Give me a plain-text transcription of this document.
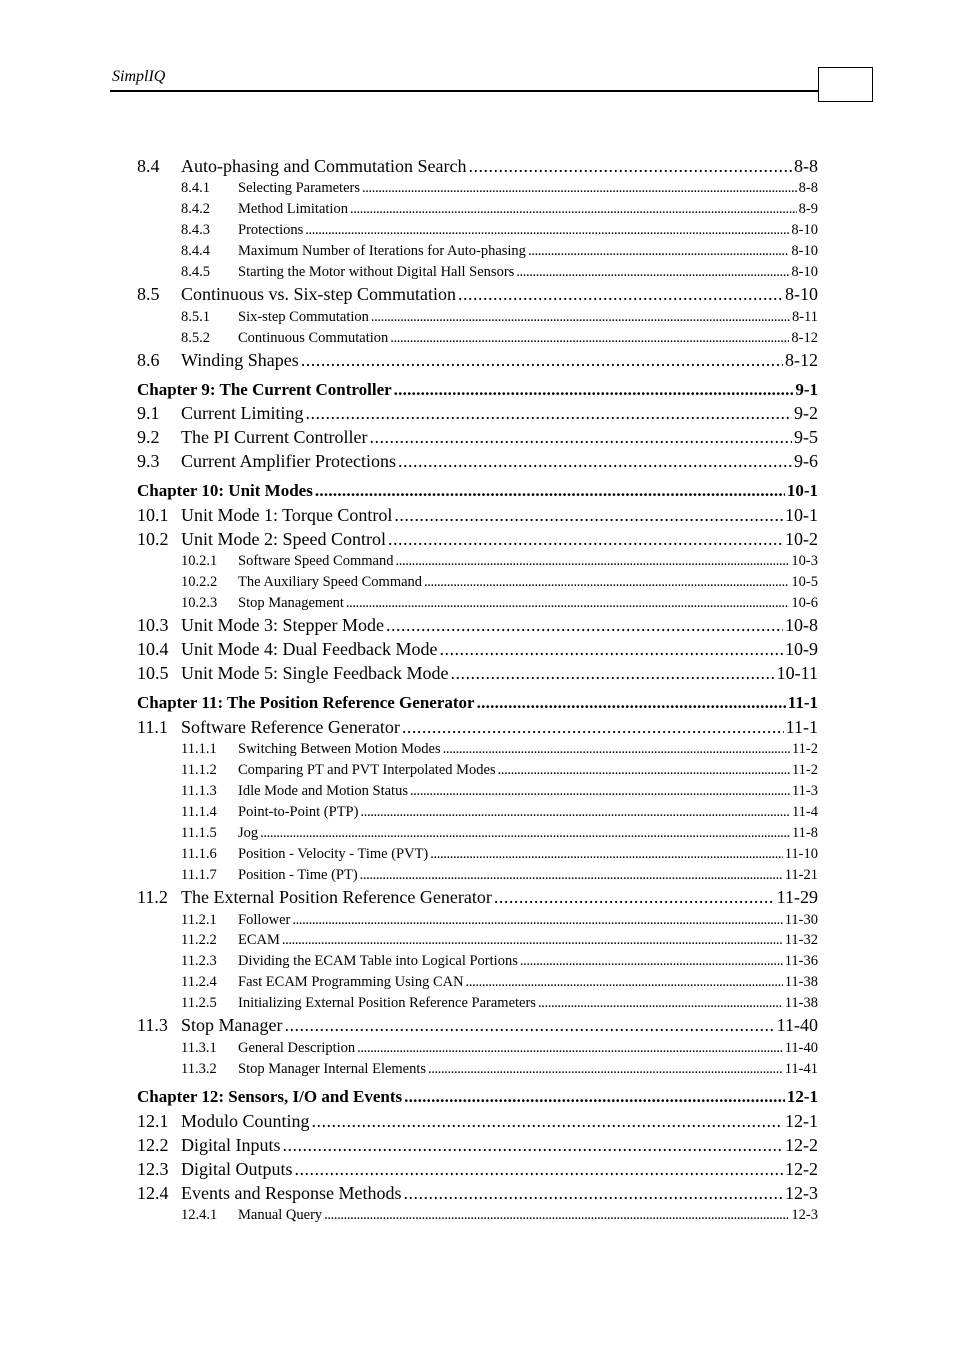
SimplIQ
8.4	Auto-phasing and Commutation Search . . .	8-8
8.4.1	Selecting Parameters . . .	8-8
8.4.2	Method Limitation . . .	8-9
8.4.3	Protections . . .	8-10
8.4.4	Maximum Number of Iterations for Auto-phasing . . .	8-10
8.4.5	Starting the Motor without Digital Hall Sensors . . .	8-10
8.5	Continuous vs. Six-step Commutation . . .	8-10
8.5.1	Six-step Commutation . . .	8-11
8.5.2	Continuous Commutation . . .	8-12
8.6	Winding Shapes . . .	8-12
Chapter 9: The Current Controller . . .	9-1
9.1	Current Limiting . . .	9-2
9.2	The PI Current Controller . . .	9-5
9.3	Current Amplifier Protections . . .	9-6
Chapter 10: Unit Modes . . .	10-1
10.1 Unit Mode 1: Torque Control . . .	10-1
10.2 Unit Mode 2: Speed Control . . .	10-2
10.2.1	Software Speed Command . . .	10-3
10.2.2	The Auxiliary Speed Command . . .	10-5
10.2.3	Stop Management . . .	10-6
10.3 Unit Mode 3: Stepper Mode . . .	10-8
10.4 Unit Mode 4: Dual Feedback Mode . . .	10-9
10.5 Unit Mode 5: Single Feedback Mode . . .	10-11
Chapter 11: The Position Reference Generator . . .	11-1
11.1 Software Reference Generator . . .	11-1
11.1.1	Switching Between Motion Modes . . .	11-2
11.1.2	Comparing PT and PVT Interpolated Modes . . .	11-2
11.1.3	Idle Mode and Motion Status . . .	11-3
11.1.4	Point-to-Point (PTP) . . .	11-4
11.1.5	Jog . . .	11-8
11.1.6	Position - Velocity - Time (PVT) . . .	11-10
11.1.7	Position - Time (PT) . . .	11-21
11.2 The External Position Reference Generator . . .	11-29
11.2.1	Follower . . .	11-30
11.2.2	ECAM . . .	11-32
11.2.3	Dividing the ECAM Table into Logical Portions . . .	11-36
11.2.4	Fast ECAM Programming Using CAN . . .	11-38
11.2.5	Initializing External Position Reference Parameters . . .	11-38
11.3 Stop Manager . . .	11-40
11.3.1	General Description . . .	11-40
11.3.2	Stop Manager Internal Elements . . .	11-41
Chapter 12: Sensors, I/O and Events . . .	12-1
12.1 Modulo Counting . . .	12-1
12.2 Digital Inputs . . .	12-2
12.3 Digital Outputs . . .	12-2
12.4 Events and Response Methods . . .	12-3
12.4.1	Manual Query . . .	12-3
